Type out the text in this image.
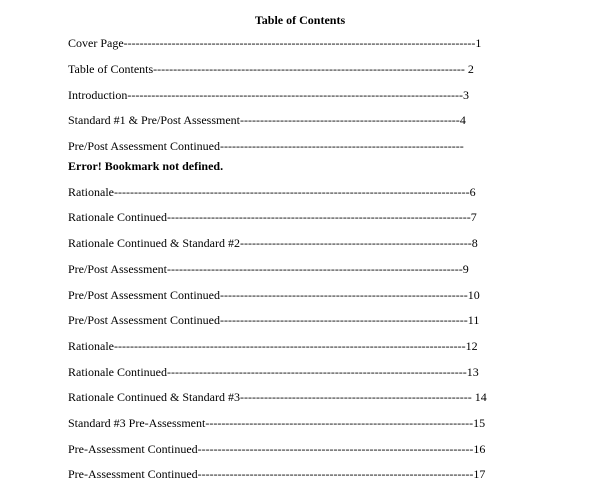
Table of Contents
Cover Page----------------------------------------------------------------------------------------1
Table of Contents------------------------------------------------------------------------------ 2
Introduction------------------------------------------------------------------------------------3
Standard #1 & Pre/Post Assessment-------------------------------------------------------4
Pre/Post Assessment Continued-------------------------------------------------------------
Error! Bookmark not defined.
Rationale-----------------------------------------------------------------------------------------6
Rationale Continued----------------------------------------------------------------------------7
Rationale Continued & Standard #2----------------------------------------------------------8
Pre/Post Assessment--------------------------------------------------------------------------9
Pre/Post Assessment Continued--------------------------------------------------------------10
Pre/Post Assessment Continued--------------------------------------------------------------11
Rationale----------------------------------------------------------------------------------------12
Rationale Continued---------------------------------------------------------------------------13
Rationale Continued & Standard #3---------------------------------------------------------- 14
Standard #3 Pre-Assessment-------------------------------------------------------------------15
Pre-Assessment Continued---------------------------------------------------------------------16
Pre-Assessment Continued---------------------------------------------------------------------17
